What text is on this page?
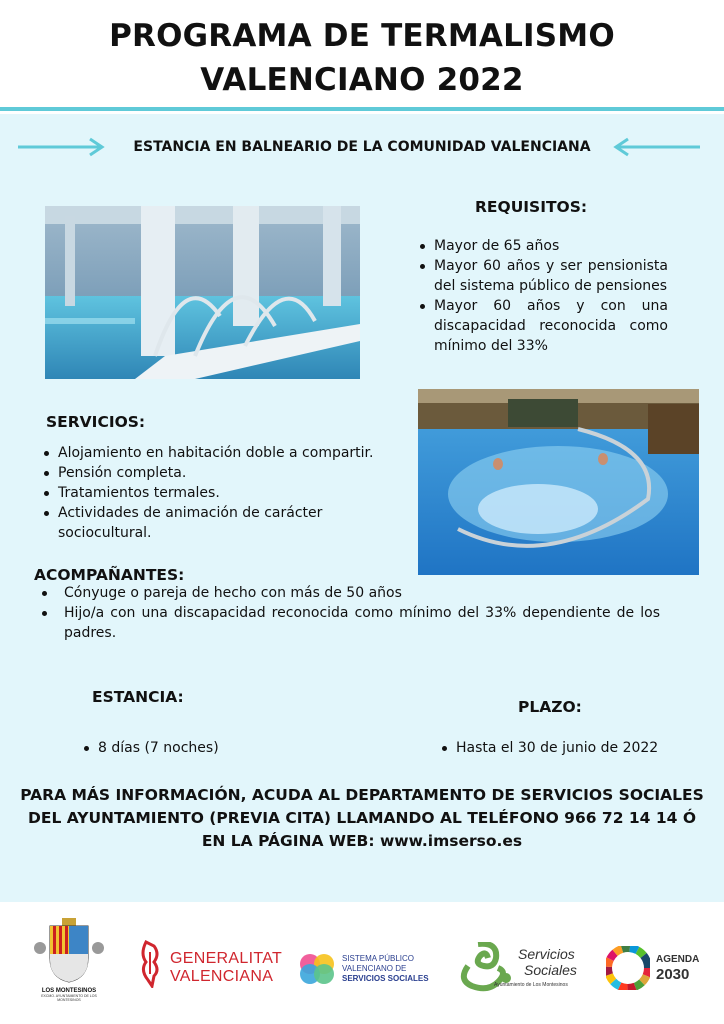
PROGRAMA DE TERMALISMO
VALENCIANO 2022
ESTANCIA EN BALNEARIO DE LA COMUNIDAD VALENCIANA
REQUISITOS:
Mayor de 65 años
Mayor 60 años y ser pensionista del sistema público de pensiones
Mayor 60 años y con una discapacidad reconocida como mínimo del 33%
SERVICIOS:
Alojamiento en habitación doble a compartir.
Pensión completa.
Tratamientos termales.
Actividades de animación de carácter sociocultural.
ACOMPAÑANTES:
Cónyuge o pareja de hecho con más de 50 años
Hijo/a con una discapacidad reconocida como mínimo del 33% dependiente de los padres.
ESTANCIA:
8 días (7 noches)
PLAZO:
Hasta el 30 de junio de 2022
PARA MÁS INFORMACIÓN, ACUDA AL DEPARTAMENTO DE SERVICIOS SOCIALES
DEL AYUNTAMIENTO (PREVIA CITA) LLAMANDO AL TELÉFONO 966 72 14 14 Ó
EN LA PÁGINA WEB: www.imserso.es
LOS MONTESINOS
EXCMO. AYUNTAMIENTO DE LOS MONTESINOS
GENERALITAT
VALENCIANA
SISTEMA PÚBLICO
VALENCIANO DE
SERVICIOS SOCIALES
Servicios
Sociales
Ayuntamiento de Los Montesinos
AGENDA
2030
